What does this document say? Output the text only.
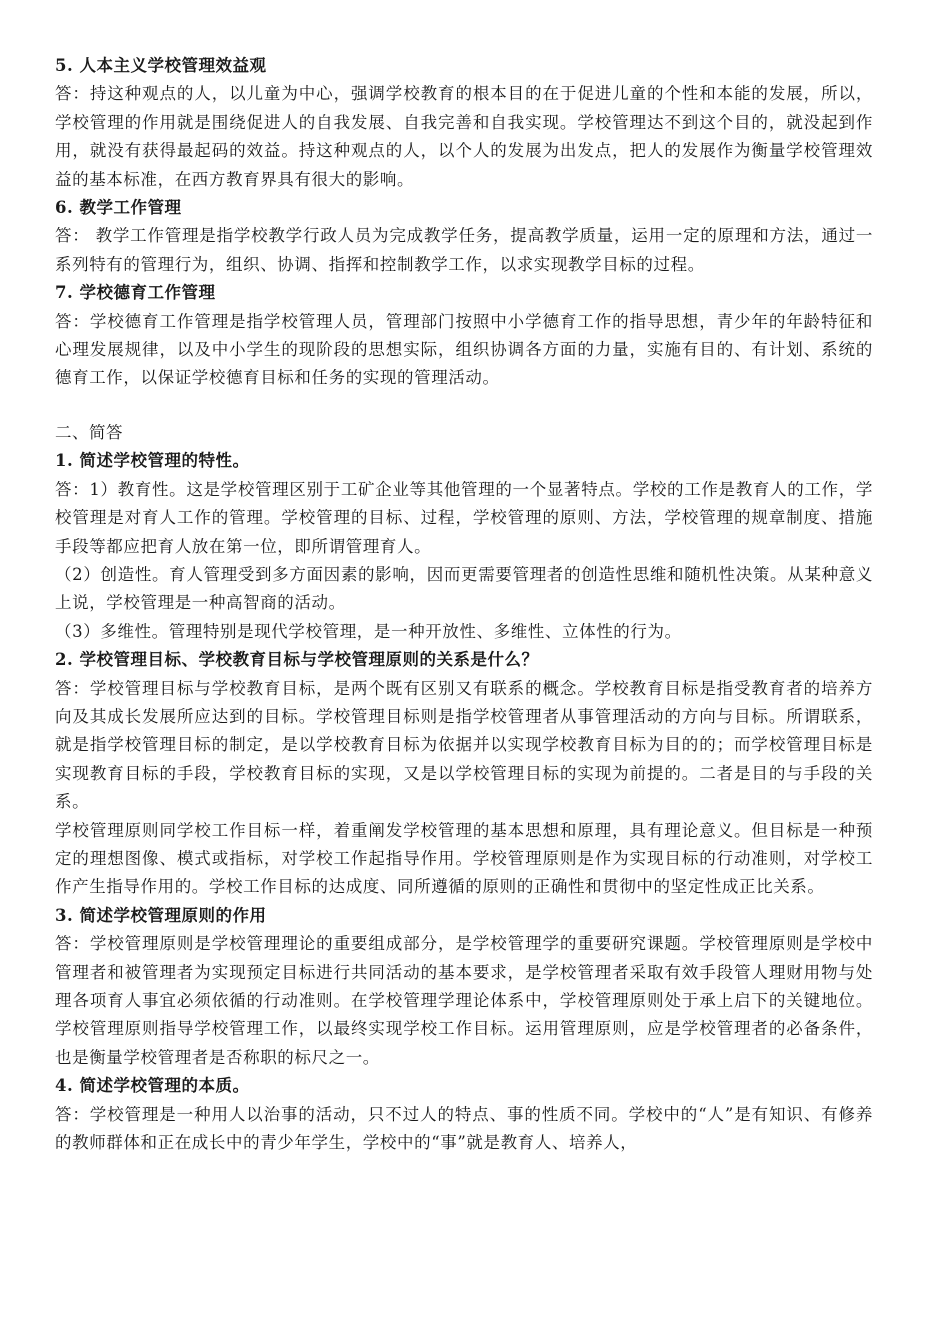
5. 人本主义学校管理效益观

答：持这种观点的人，以儿童为中心，强调学校教育的根本目的在于促进儿童的个性和本能的发展，所以，学校管理的作用就是围绕促进人的自我发展、自我完善和自我实现。学校管理达不到这个目的，就没起到作用，就没有获得最起码的效益。持这种观点的人，以个人的发展为出发点，把人的发展作为衡量学校管理效益的基本标准，在西方教育界具有很大的影响。

6. 教学工作管理

答： 教学工作管理是指学校教学行政人员为完成教学任务，提高教学质量，运用一定的原理和方法，通过一系列特有的管理行为，组织、协调、指挥和控制教学工作，以求实现教学目标的过程。

7. 学校德育工作管理

答：学校德育工作管理是指学校管理人员，管理部门按照中小学德育工作的指导思想，青少年的年龄特征和心理发展规律，以及中小学生的现阶段的思想实际，组织协调各方面的力量，实施有目的、有计划、系统的德育工作，以保证学校德育目标和任务的实现的管理活动。

二、简答

1. 简述学校管理的特性。

答：1）教育性。这是学校管理区别于工矿企业等其他管理的一个显著特点。学校的工作是教育人的工作，学校管理是对育人工作的管理。学校管理的目标、过程，学校管理的原则、方法，学校管理的规章制度、措施手段等都应把育人放在第一位，即所谓管理育人。

（2）创造性。育人管理受到多方面因素的影响，因而更需要管理者的创造性思维和随机性决策。从某种意义上说，学校管理是一种高智商的活动。

（3）多维性。管理特别是现代学校管理，是一种开放性、多维性、立体性的行为。

2. 学校管理目标、学校教育目标与学校管理原则的关系是什么？

答：学校管理目标与学校教育目标，是两个既有区别又有联系的概念。学校教育目标是指受教育者的培养方向及其成长发展所应达到的目标。学校管理目标则是指学校管理者从事管理活动的方向与目标。所谓联系，就是指学校管理目标的制定，是以学校教育目标为依据并以实现学校教育目标为目的的；而学校管理目标是实现教育目标的手段，学校教育目标的实现，又是以学校管理目标的实现为前提的。二者是目的与手段的关系。

学校管理原则同学校工作目标一样，着重阐发学校管理的基本思想和原理，具有理论意义。但目标是一种预定的理想图像、模式或指标，对学校工作起指导作用。学校管理原则是作为实现目标的行动准则，对学校工作产生指导作用的。学校工作目标的达成度、同所遵循的原则的正确性和贯彻中的坚定性成正比关系。

3. 简述学校管理原则的作用

答：学校管理原则是学校管理理论的重要组成部分，是学校管理学的重要研究课题。学校管理原则是学校中管理者和被管理者为实现预定目标进行共同活动的基本要求，是学校管理者采取有效手段管人理财用物与处理各项育人事宜必须依循的行动准则。在学校管理学理论体系中，学校管理原则处于承上启下的关键地位。学校管理原则指导学校管理工作，以最终实现学校工作目标。运用管理原则，应是学校管理者的必备条件，也是衡量学校管理者是否称职的标尺之一。

4. 简述学校管理的本质。

答：学校管理是一种用人以治事的活动，只不过人的特点、事的性质不同。学校中的“人”是有知识、有修养的教师群体和正在成长中的青少年学生，学校中的“事”就是教育人、培养人，
